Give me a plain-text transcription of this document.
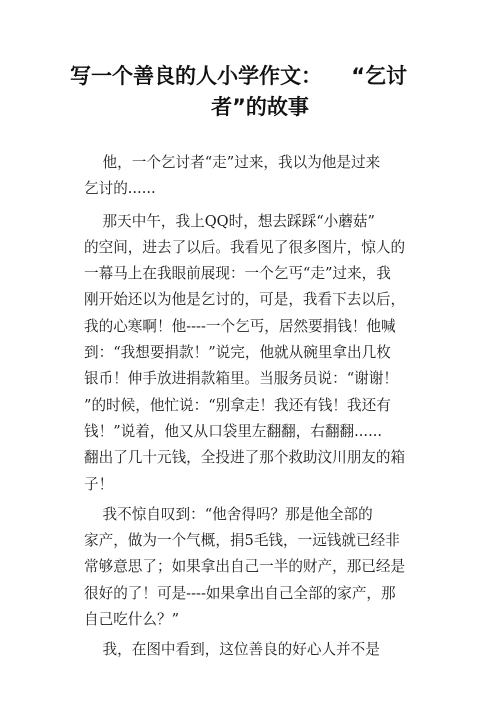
写一个善良的人小学作文：    “乞讨
者”的故事
他，一个乞讨者“走”过来，我以为他是过来
乞讨的......
那天中午，我上QQ时，想去踩踩“小蘑菇”
的空间，进去了以后。我看见了很多图片，惊人的
一幕马上在我眼前展现：一个乞丐“走”过来，我
刚开始还以为他是乞讨的，可是，我看下去以后，
我的心寒啊！他----一个乞丐，居然要捐钱！他喊
到：“我想要捐款！”说完，他就从碗里拿出几枚
银币！伸手放进捐款箱里。当服务员说：“谢谢！
”的时候，他忙说：“别拿走！我还有钱！我还有
钱！”说着，他又从口袋里左翻翻，右翻翻......
翻出了几十元钱，全投进了那个救助汶川朋友的箱
子！
我不惊自叹到：“他舍得吗？那是他全部的
家产，做为一个气概，捐5毛钱，一远钱就已经非
常够意思了；如果拿出自己一半的财产，那已经是
很好的了！可是----如果拿出自己全部的家产，那
自己吃什么？”
我，在图中看到，这位善良的好心人并不是
